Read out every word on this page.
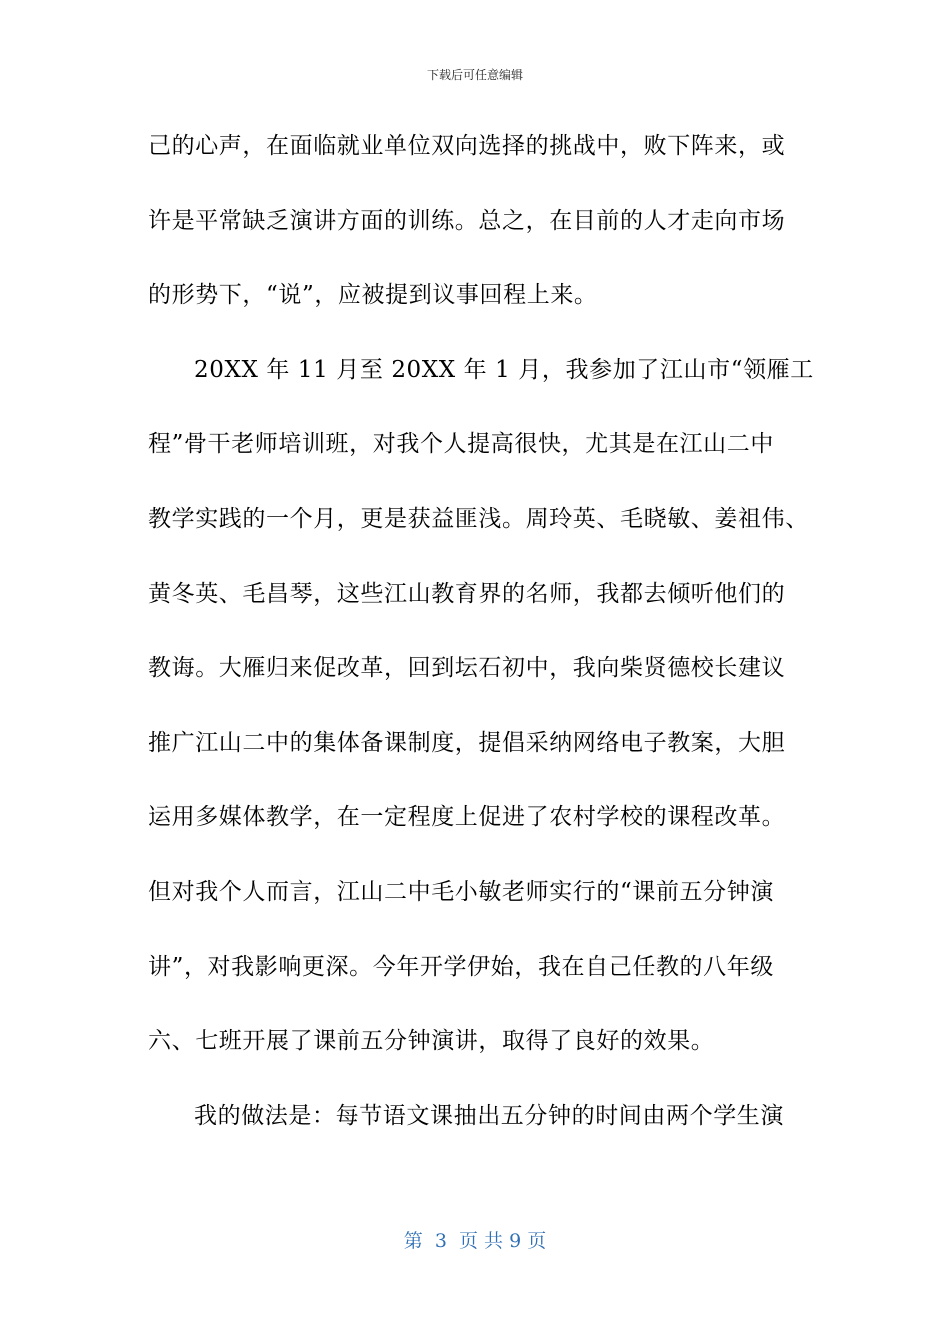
下载后可任意编辑
己的心声，在面临就业单位双向选择的挑战中，败下阵来，或
许是平常缺乏演讲方面的训练。总之，在目前的人才走向市场
的形势下，“说”，应被提到议事回程上来。
20XX 年 11 月至 20XX 年 1 月，我参加了江山市“领雁工
程”骨干老师培训班，对我个人提高很快，尤其是在江山二中
教学实践的一个月，更是获益匪浅。周玲英、毛晓敏、姜祖伟、
黄冬英、毛昌琴，这些江山教育界的名师，我都去倾听他们的
教诲。大雁归来促改革，回到坛石初中，我向柴贤德校长建议
推广江山二中的集体备课制度，提倡采纳网络电子教案，大胆
运用多媒体教学，在一定程度上促进了农村学校的课程改革。
但对我个人而言，江山二中毛小敏老师实行的“课前五分钟演
讲”，对我影响更深。今年开学伊始，我在自己任教的八年级
六、七班开展了课前五分钟演讲，取得了良好的效果。
我的做法是：每节语文课抽出五分钟的时间由两个学生演
第 3 页 共 9 页
